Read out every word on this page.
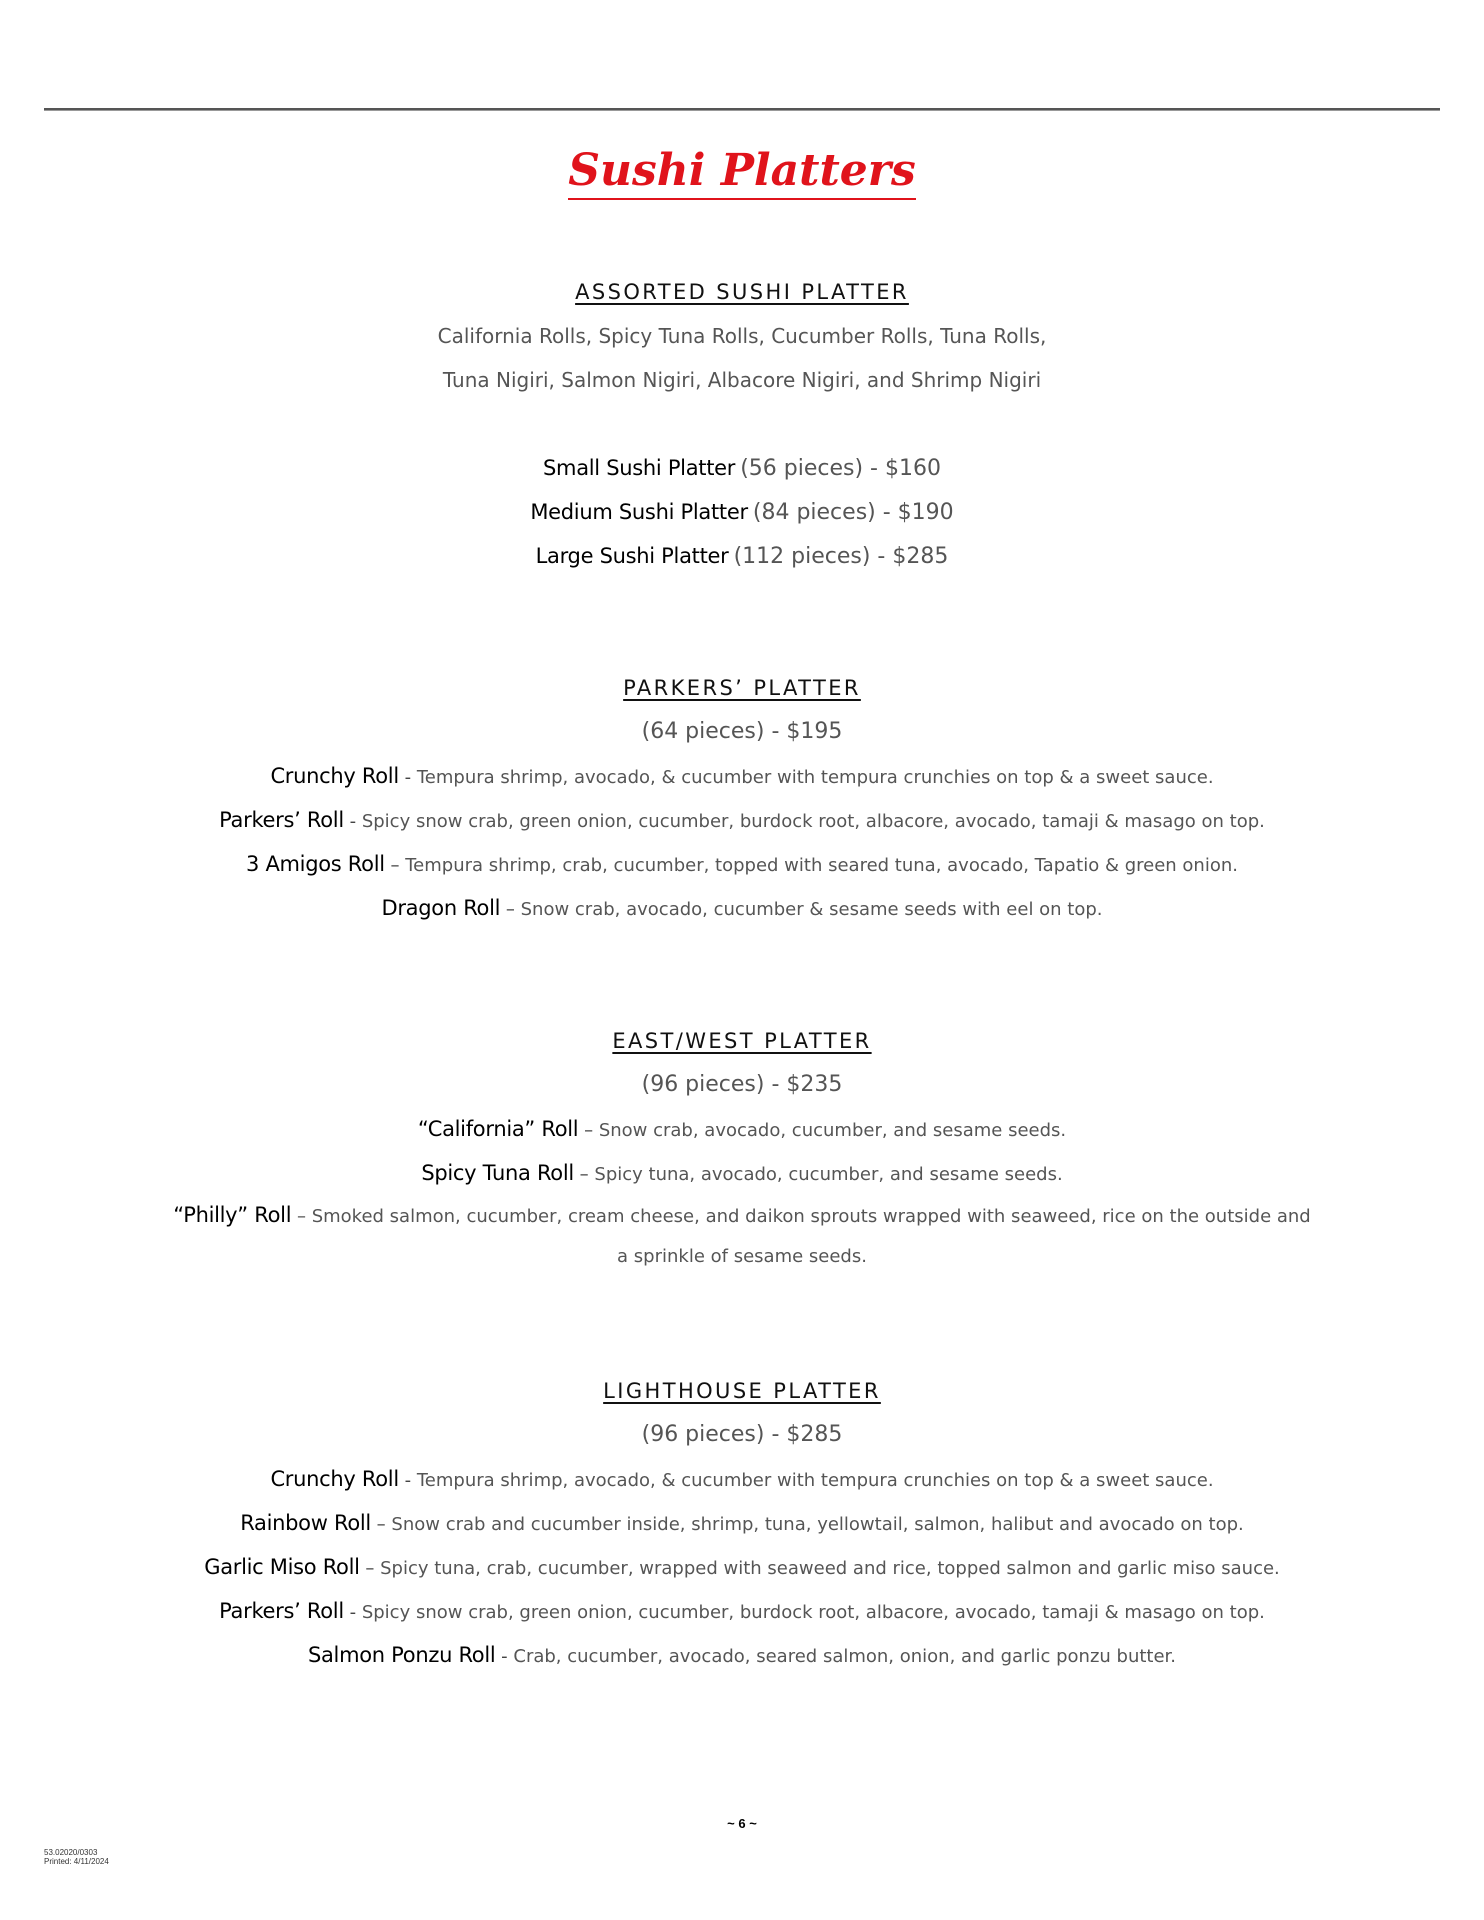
Sushi Platters
ASSORTED SUSHI PLATTER
California Rolls, Spicy Tuna Rolls, Cucumber Rolls, Tuna Rolls,
Tuna Nigiri, Salmon Nigiri, Albacore Nigiri, and Shrimp Nigiri
Small Sushi Platter (56 pieces) - $160
Medium Sushi Platter (84 pieces) - $190
Large Sushi Platter (112 pieces) - $285
PARKERS’ PLATTER
(64 pieces) - $195
Crunchy Roll - Tempura shrimp, avocado, & cucumber with tempura crunchies on top & a sweet sauce.
Parkers’ Roll - Spicy snow crab, green onion, cucumber, burdock root, albacore, avocado, tamaji & masago on top.
3 Amigos Roll – Tempura shrimp, crab, cucumber, topped with seared tuna, avocado, Tapatio & green onion.
Dragon Roll – Snow crab, avocado, cucumber & sesame seeds with eel on top.
EAST/WEST PLATTER
(96 pieces) - $235
“California” Roll – Snow crab, avocado, cucumber, and sesame seeds.
Spicy Tuna Roll – Spicy tuna, avocado, cucumber, and sesame seeds.
“Philly” Roll – Smoked salmon, cucumber, cream cheese, and daikon sprouts wrapped with seaweed, rice on the outside and a sprinkle of sesame seeds.
LIGHTHOUSE PLATTER
(96 pieces) - $285
Crunchy Roll - Tempura shrimp, avocado, & cucumber with tempura crunchies on top & a sweet sauce.
Rainbow Roll – Snow crab and cucumber inside, shrimp, tuna, yellowtail, salmon, halibut and avocado on top.
Garlic Miso Roll – Spicy tuna, crab, cucumber, wrapped with seaweed and rice, topped salmon and garlic miso sauce.
Parkers’ Roll - Spicy snow crab, green onion, cucumber, burdock root, albacore, avocado, tamaji & masago on top.
Salmon Ponzu Roll - Crab, cucumber, avocado, seared salmon, onion, and garlic ponzu butter.
~ 6 ~
53.02020/0303
Printed: 4/11/2024
